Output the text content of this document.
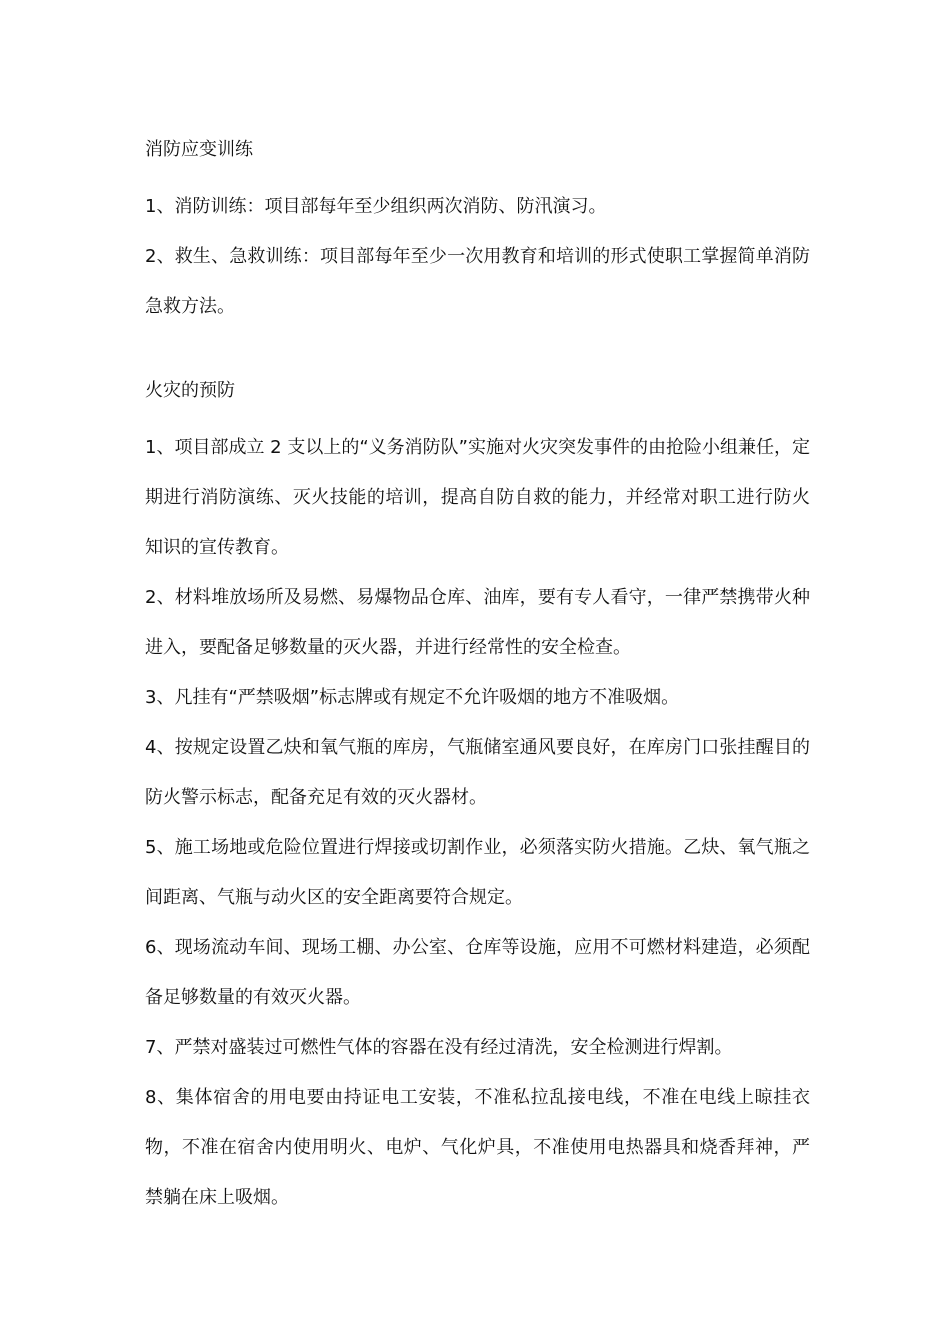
消防应变训练

1、消防训练：项目部每年至少组织两次消防、防汛演习。

2、救生、急救训练：项目部每年至少一次用教育和培训的形式使职工掌握简单消防急救方法。

火灾的预防

1、项目部成立 2 支以上的“义务消防队”实施对火灾突发事件的由抢险小组兼任，定期进行消防演练、灭火技能的培训，提高自防自救的能力，并经常对职工进行防火知识的宣传教育。

2、材料堆放场所及易燃、易爆物品仓库、油库，要有专人看守，一律严禁携带火种进入，要配备足够数量的灭火器，并进行经常性的安全检查。

3、凡挂有“严禁吸烟”标志牌或有规定不允许吸烟的地方不准吸烟。

4、按规定设置乙炔和氧气瓶的库房，气瓶储室通风要良好，在库房门口张挂醒目的防火警示标志，配备充足有效的灭火器材。

5、施工场地或危险位置进行焊接或切割作业，必须落实防火措施。乙炔、氧气瓶之间距离、气瓶与动火区的安全距离要符合规定。

6、现场流动车间、现场工棚、办公室、仓库等设施，应用不可燃材料建造，必须配备足够数量的有效灭火器。

7、严禁对盛装过可燃性气体的容器在没有经过清洗，安全检测进行焊割。

8、集体宿舍的用电要由持证电工安装，不准私拉乱接电线，不准在电线上晾挂衣物，不准在宿舍内使用明火、电炉、气化炉具，不准使用电热器具和烧香拜神，严禁躺在床上吸烟。
